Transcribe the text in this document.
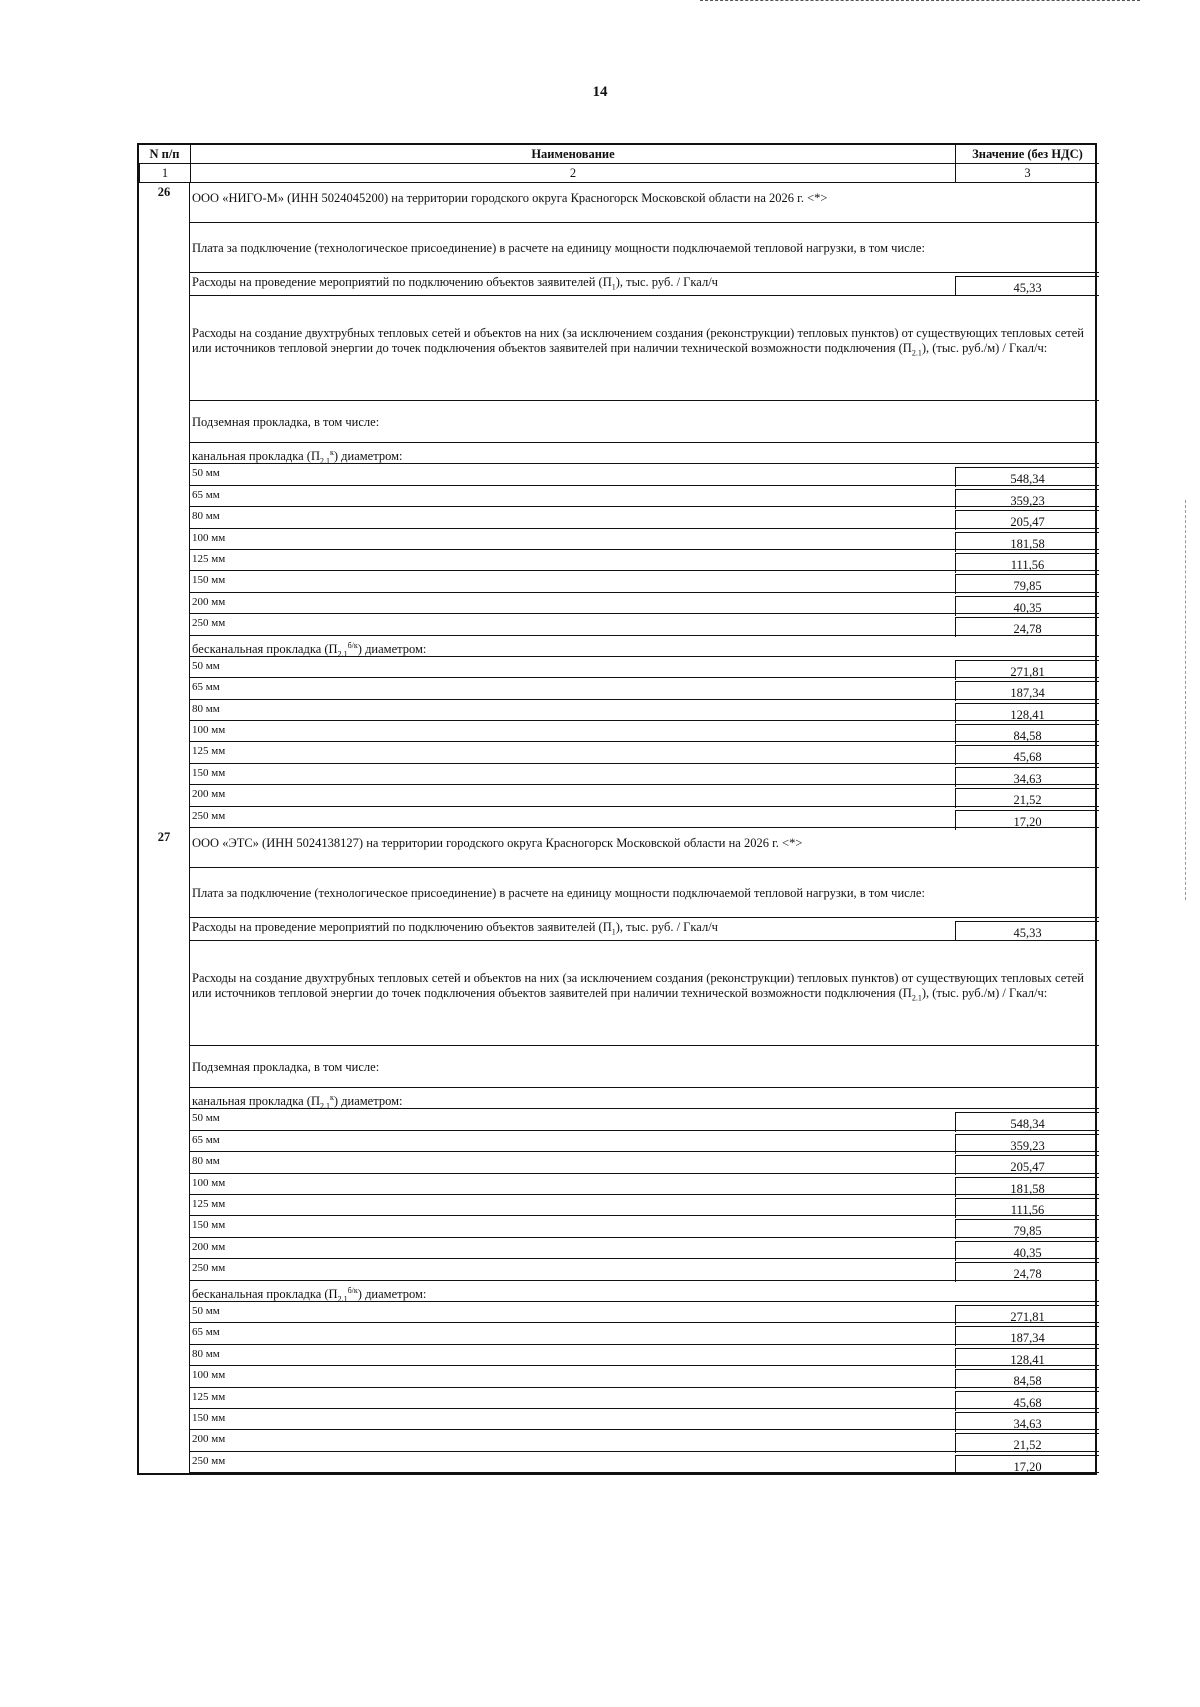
14
N п/п	Наименование	Значение (без НДС)
1	2	3
26	ООО «НИГО-М» (ИНН 5024045200) на территории городского округа Красногорск Московской области на 2026 г. <*>
Плата за подключение (технологическое присоединение) в расчете на единицу мощности подключаемой тепловой нагрузки, в том числе:
Расходы на проведение мероприятий по подключению объектов заявителей $(П_1)$, тыс. руб. / Гкал/ч	45,33
Расходы на создание двухтрубных тепловых сетей и объектов на них (за исключением создания (реконструкции) тепловых пунктов) от существующих тепловых сетей или источников тепловой энергии до точек подключения объектов заявителей при наличии технической возможности подключения $(П_{2.1})$, (тыс. руб./м) / Гкал/ч:
Подземная прокладка, в том числе:
канальная прокладка $(П_{2.1}^к)$ диаметром:
50 мм	548,34
65 мм	359,23
80 мм	205,47
100 мм	181,58
125 мм	111,56
150 мм	79,85
200 мм	40,35
250 мм	24,78
бесканальная прокладка $(П_{2.1}^{б/к})$ диаметром:
50 мм	271,81
65 мм	187,34
80 мм	128,41
100 мм	84,58
125 мм	45,68
150 мм	34,63
200 мм	21,52
250 мм	17,20
27	ООО «ЭТС» (ИНН 5024138127) на территории городского округа Красногорск Московской области на 2026 г. <*>
Плата за подключение (технологическое присоединение) в расчете на единицу мощности подключаемой тепловой нагрузки, в том числе:
Расходы на проведение мероприятий по подключению объектов заявителей $(П_1)$, тыс. руб. / Гкал/ч	45,33
Расходы на создание двухтрубных тепловых сетей и объектов на них (за исключением создания (реконструкции) тепловых пунктов) от существующих тепловых сетей или источников тепловой энергии до точек подключения объектов заявителей при наличии технической возможности подключения $(П_{2.1})$, (тыс. руб./м) / Гкал/ч:
Подземная прокладка, в том числе:
канальная прокладка $(П_{2.1}^к)$ диаметром:
50 мм	548,34
65 мм	359,23
80 мм	205,47
100 мм	181,58
125 мм	111,56
150 мм	79,85
200 мм	40,35
250 мм	24,78
бесканальная прокладка $(П_{2.1}^{б/к})$ диаметром:
50 мм	271,81
65 мм	187,34
80 мм	128,41
100 мм	84,58
125 мм	45,68
150 мм	34,63
200 мм	21,52
250 мм	17,20
